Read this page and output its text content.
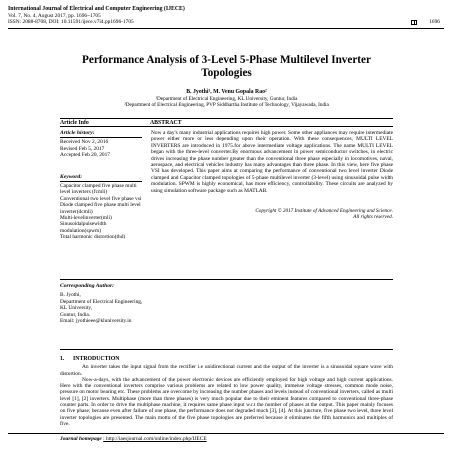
International Journal of Electrical and Computer Engineering (IJECE)
Vol. 7, No. 4, August 2017, pp. 1696~1705
ISSN: 2088-8708, DOI: 10.11591/ijece.v7i4.pp1696-1705	1696
Performance Analysis of 3-Level 5-Phase Multilevel Inverter Topologies
B. Jyothi¹, M. Venu Gopala Rao²
¹Department of Electrical Engineering, KL University, Guntur, India
²Department of Electrical Engineering, PVP Siddhartha Institute of Technology, Vijayawada, India
Article Info	ABSTRACT
Article history:
Received Nov 2, 2016
Revised Feb 5, 2017
Accepted Feb 20, 2017
Keyword:
Capacitor clamped five phase multi level inverters (fcmli)
Conventional two level five phase vsi
Diode clamped five phase multi level inverter(dcmli)
Multi-levelinverter(mli)
Sinusoidalpulsewidth modulation(spwm)
Total harmonic distortion(thd)
Now a day's many industrial applications requires high power. Some other appliances may require intermediate power either more or less depending upon their operation. With these consequences, MULTI LEVEL INVERTERS are introduced in 1975.for above intermediate voltage applications. The name MULTI LEVEL began with the three-level converter.By enormous advancement in power semiconductor switches, in electric drives increasing the phase number greater than the conventional three phase especially in locomotives, naval, aerospace, and electrical vehicles industry has many advantages than three phase. In this view, here five phase VSI has developed. This paper aims at comparing the performance of conventional two level inverter Diode clamped and Capacitor clamped topologies of 5-phase multilevel inverter (3-level) using sinusoidal pulse width modulation. SPWM is highly economical, has more efficiency, controllability. These circuits are analyzed by using simulation software package such as MATLAB.
Copyright © 2017 Institute of Advanced Engineering and Science.
All rights reserved.
Corresponding Author:
B. Jyothi,
Department of Electrical Engineering,
KL University,
Guntur, India.
Email: jyothieee@kluniversity.in
1.      INTRODUCTION
An inverter takes the input signal from the rectifier i.e unidirectional current and the output of the inverter is a sinusoidal square wave with distortion.
Now-a-days, with the advancement of the power electronic devices are efficiently employed for high voltage and high current applications. Here with the conventional inverters comprise various problems are related to low power quality, immense voltage stresses, common mode noise, pressure on motor bearing etc. These problems are overcome by increasing the number phases and levels instead of conventional inverters, called as multi level [1], [2] inverters. Multiphase (more than three phases) is very much popular due to their eminent features compared to conventional three-phase counter parts. In order to drive the multiphase machine, it requires same phase input w.r.t the number of phases at the output. This paper mainly focuses on five phase; because even after failure of one phase, the performance does not degraded much [3], [4]. At this juncture, five phase two level, three level inverter topologies are presented. The main motto of the five phase topologies are preferred because it eliminates the fifth harmonics and multiples of five.
Journal homepage : http://iaesjournal.com/online/index.php/IJECE
